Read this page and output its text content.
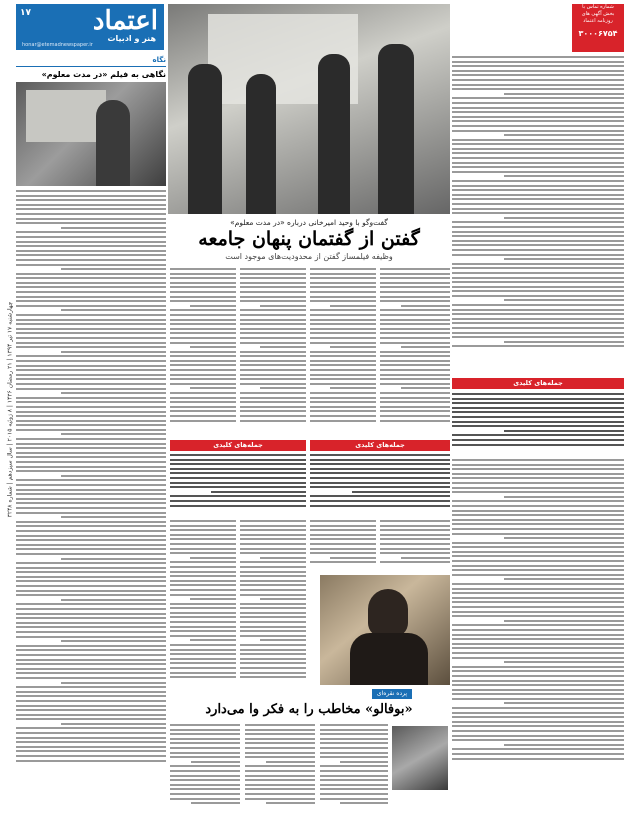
چهارشنبه ۱۷ تیر ۱۳۹۴ | ۲۱ رمضان ۱۴۳۶ | ۸ ژوئیه ۲۰۱۵ | سال سیزدهم | شماره ۳۲۴۸
اعتماد
هنر و ادبیات
honar@etemadnewspaper.ir
۱۷
شماره تماس با
بخش آگهی های
روزنامه اعتماد
۳۰۰۰۶۷۵۴
نگاه
نگاهی به فیلم «در مدت معلوم»
گفت‌وگو با وحید امیرخانی درباره «در مدت معلوم»
گفتن از گفتمان پنهان جامعه
وظیفه فیلمساز گفتن از محدودیت‌های موجود است
جمله‌های کلیدی	جمله‌های کلیدی
پرده نقره‌ای
«بوفالو» مخاطب را به فکر وا می‌دارد
جمله‌های کلیدی
